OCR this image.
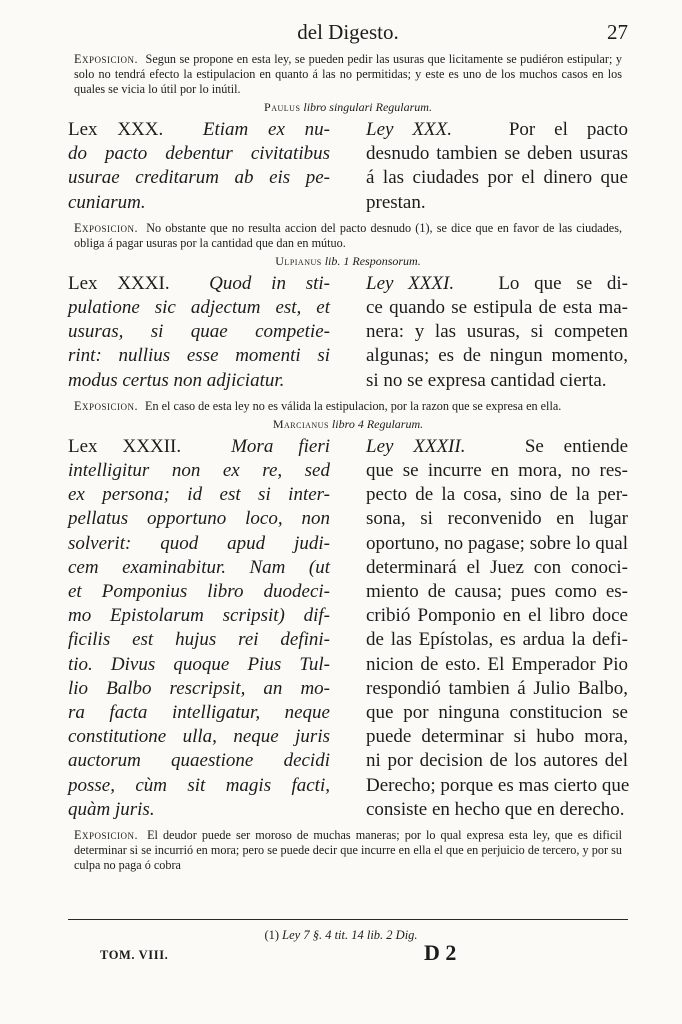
del Digesto.	27

Exposicion. Segun se propone en esta ley, se pueden pedir las usuras que licitamente se pudiéron estipular; y solo no tendrá efecto la estipulacion en quanto á las no permitidas; y este es uno de los muchos casos en los quales se vicia lo útil por lo inútil.

Paulus libro singulari Regularum.
Lex XXX. Etiam ex nu-
do pacto debentur civitatibus
usurae creditarum ab eis pe-
cuniarum.
Ley XXX.	Por el pacto
desnudo tambien se deben usuras
á las ciudades por el dinero que
prestan.

Exposicion. No obstante que no resulta accion del pacto desnudo (1), se dice que en favor de las ciudades, obliga á pagar usuras por la cantidad que dan en mútuo.

Ulpianus lib. 1 Responsorum.
Lex XXXI. Quod in sti-
pulatione sic adjectum est, et
usuras, si quae competie-
rint: nullius esse momenti si
modus certus non adjiciatur.
Ley XXXI. Lo que se di-
ce quando se estipula de esta ma-
nera: y las usuras, si competen
algunas; es de ningun momento,
si no se expresa cantidad cierta.

Exposicion. En el caso de esta ley no es válida la estipulacion, por la razon que se expresa en ella.

Marcianus libro 4 Regularum.
Lex XXXII.	Mora fieri
intelligitur non ex re, sed
ex persona; id est si inter-
pellatus opportuno loco, non
solverit: quod apud judi-
cem examinabitur. Nam (ut
et Pomponius libro duodeci-
mo Epistolarum scripsit) dif-
ficilis est hujus rei defini-
tio. Divus quoque Pius Tul-
lio Balbo rescripsit, an mo-
ra facta intelligatur, neque
constitutione ulla, neque juris
auctorum quaestione decidi
posse, cùm sit magis facti,
quàm juris.
Ley XXXII.	Se entiende
que se incurre en mora, no res-
pecto de la cosa, sino de la per-
sona, si reconvenido en lugar
oportuno, no pagase; sobre lo qual
determinará el Juez con conoci-
miento de causa; pues como es-
cribió Pomponio en el libro doce
de las Epístolas, es ardua la defi-
nicion de esto. El Emperador Pio
respondió tambien á Julio Balbo,
que por ninguna constitucion se
puede determinar si hubo mora,
ni por decision de los autores del
Derecho; porque es mas cierto que
consiste en hecho que en derecho.

Exposicion. El deudor puede ser moroso de muchas maneras; por lo qual expresa esta ley, que es dificil determinar si se incurrió en mora; pero se puede decir que incurre en ella el que en perjuicio de tercero, y por su culpa no paga ó cobra

(1) Ley 7 §. 4 tit. 14 lib. 2 Dig.
TOM. VIII.	D 2
